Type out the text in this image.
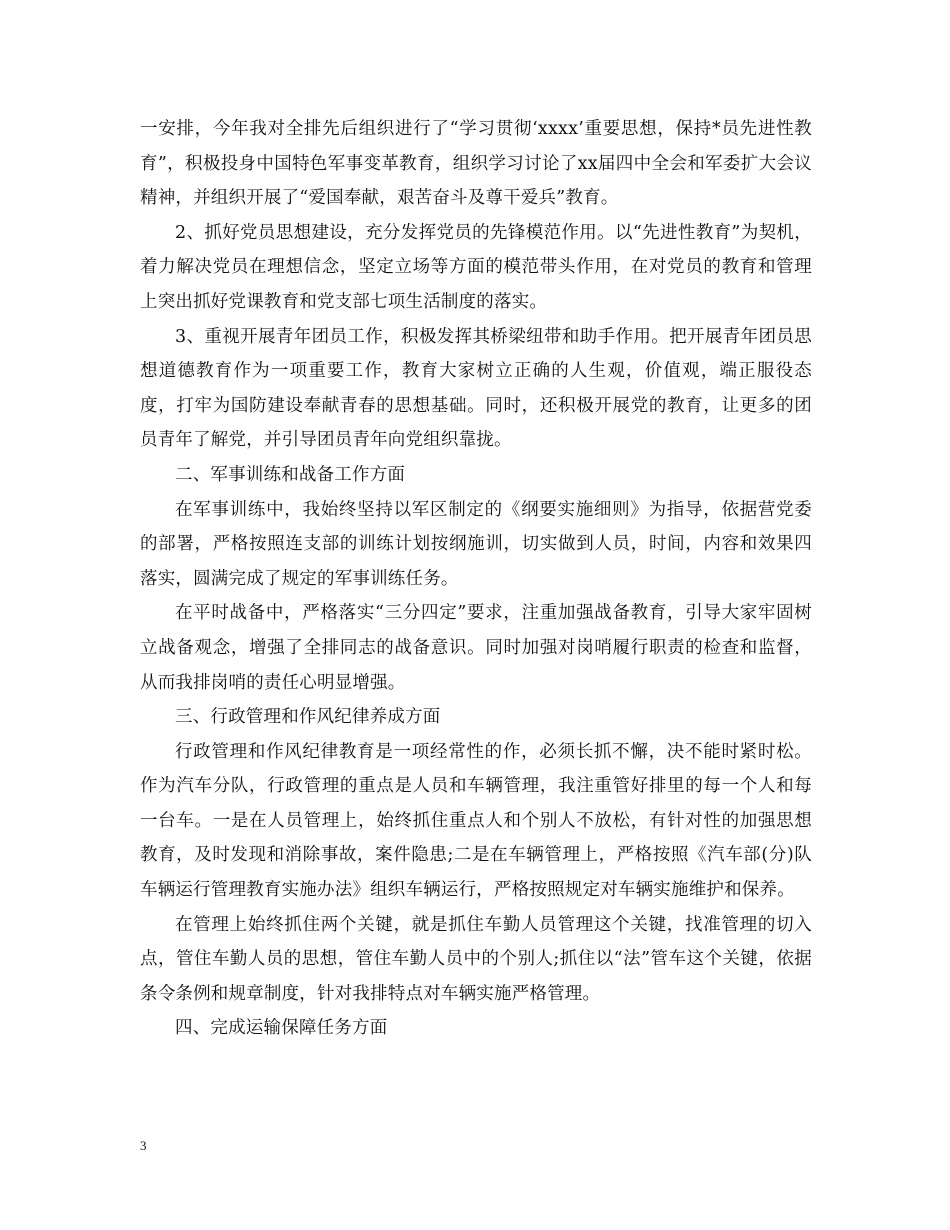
一安排，今年我对全排先后组织进行了“学习贯彻‘xxxx’重要思想，保持*员先进性教育”，积极投身中国特色军事变革教育，组织学习讨论了xx届四中全会和军委扩大会议精神，并组织开展了“爱国奉献，艰苦奋斗及尊干爱兵”教育。

2、抓好党员思想建设，充分发挥党员的先锋模范作用。以“先进性教育”为契机，着力解决党员在理想信念，坚定立场等方面的模范带头作用，在对党员的教育和管理上突出抓好党课教育和党支部七项生活制度的落实。

3、重视开展青年团员工作，积极发挥其桥梁纽带和助手作用。把开展青年团员思想道德教育作为一项重要工作，教育大家树立正确的人生观，价值观，端正服役态度，打牢为国防建设奉献青春的思想基础。同时，还积极开展党的教育，让更多的团员青年了解党，并引导团员青年向党组织靠拢。

二、军事训练和战备工作方面

在军事训练中，我始终坚持以军区制定的《纲要实施细则》为指导，依据营党委的部署，严格按照连支部的训练计划按纲施训，切实做到人员，时间，内容和效果四落实，圆满完成了规定的军事训练任务。

在平时战备中，严格落实“三分四定”要求，注重加强战备教育，引导大家牢固树立战备观念，增强了全排同志的战备意识。同时加强对岗哨履行职责的检查和监督，从而我排岗哨的责任心明显增强。

三、行政管理和作风纪律养成方面

行政管理和作风纪律教育是一项经常性的作，必须长抓不懈，决不能时紧时松。作为汽车分队，行政管理的重点是人员和车辆管理，我注重管好排里的每一个人和每一台车。一是在人员管理上，始终抓住重点人和个别人不放松，有针对性的加强思想教育，及时发现和消除事故，案件隐患;二是在车辆管理上，严格按照《汽车部(分)队车辆运行管理教育实施办法》组织车辆运行，严格按照规定对车辆实施维护和保养。

在管理上始终抓住两个关键，就是抓住车勤人员管理这个关键，找准管理的切入点，管住车勤人员的思想，管住车勤人员中的个别人;抓住以“法”管车这个关键，依据条令条例和规章制度，针对我排特点对车辆实施严格管理。

四、完成运输保障任务方面

3
